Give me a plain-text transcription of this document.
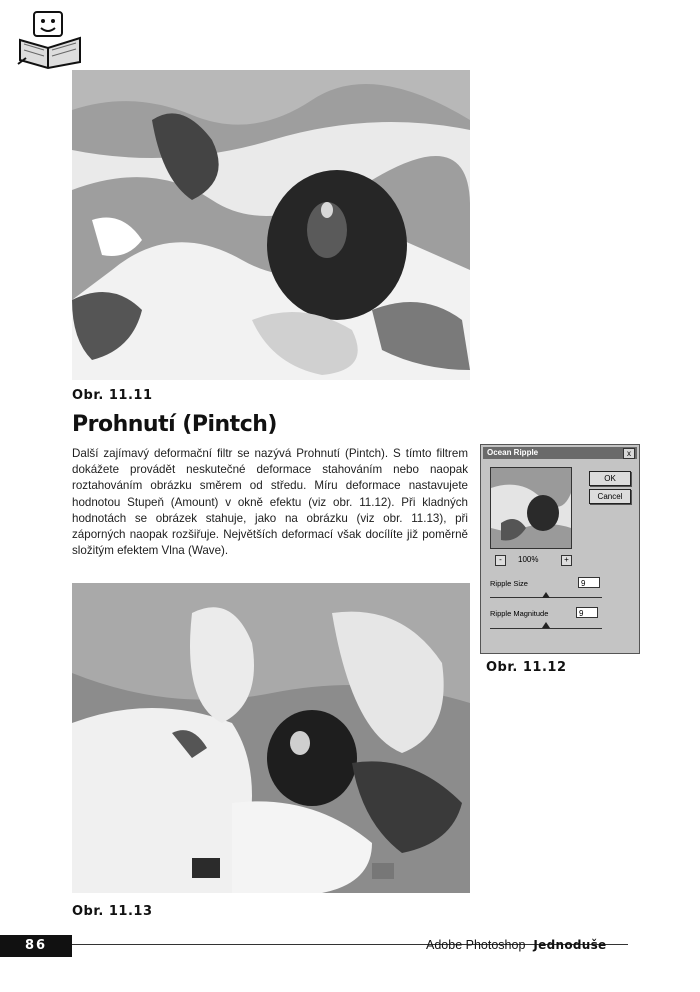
Obr. 11.11
Prohnutí (Pintch)
Další zajímavý deformační filtr se nazývá Prohnutí (Pintch). S tímto filtrem dokážete provádět neskutečné deformace stahováním nebo naopak roztahováním obrázku směrem od středu. Míru deformace nastavujete hodnotou Stupeň (Amount) v okně efektu (viz obr. 11.12). Při kladných hodnotách se obrázek stahuje, jako na obrázku (viz obr. 11.13), při záporných naopak rozšiřuje. Největších deformací však docílíte již poměrně složitým efektem Vlna (Wave).
Ocean Ripple	x
OK
Cancel
-	100%	+
Ripple Size	9
Ripple Magnitude	9
Obr. 11.12
Obr. 11.13
86	Adobe Photoshop Jednoduše
